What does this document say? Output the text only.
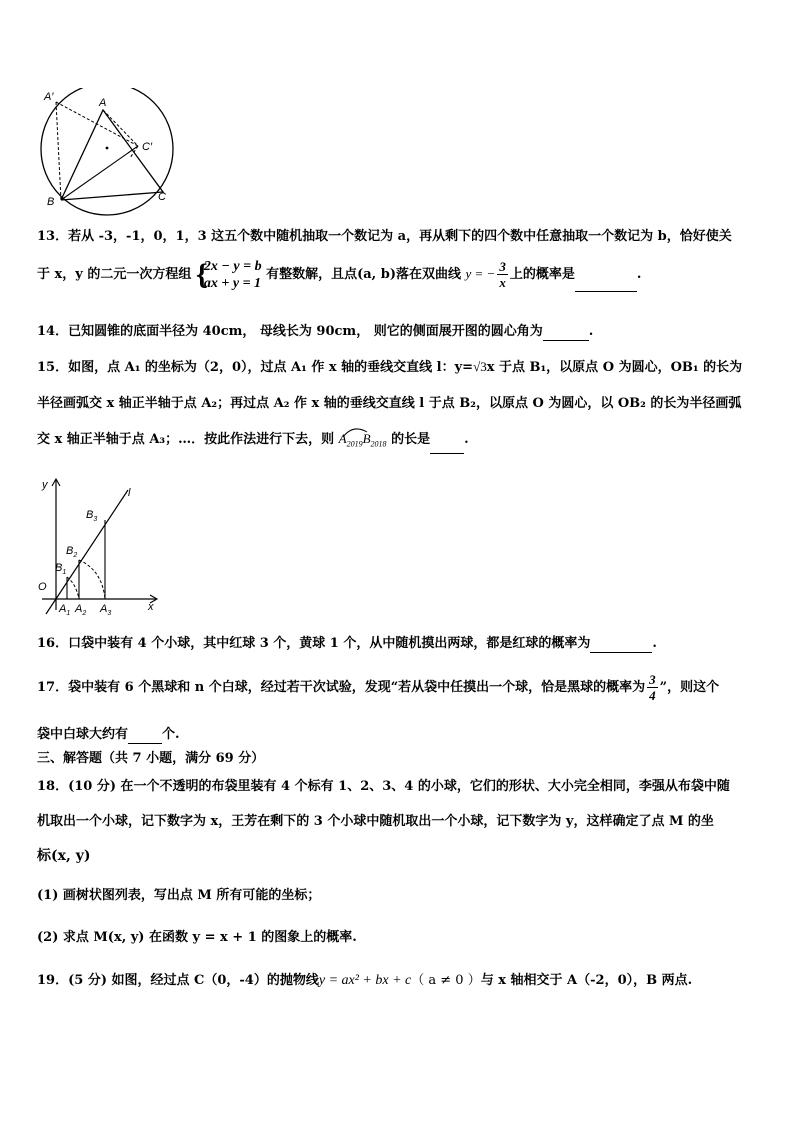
A′	A
C′
B	C
13．若从 -3，-1，0，1，3 这五个数中随机抽取一个数记为 a，再从剩下的四个数中任意抽取一个数记为 b，恰好使关
于 x，y 的二元一次方程组 {
2x − y = b
ax + y = 1
有整数解，且点(a, b)落在双曲线 y = − $\frac{3}{x}$ 上的概率是	.
14．已知圆锥的底面半径为 40cm， 母线长为 90cm， 则它的侧面展开图的圆心角为	.
15．如图，点 A₁ 的坐标为（2，0），过点 A₁ 作 x 轴的垂线交直线 l：y=√3x 于点 B₁，以原点 O 为圆心，OB₁ 的长为
半径画弧交 x 轴正半轴于点 A₂；再过点 A₂ 作 x 轴的垂线交直线 l 于点 B₂，以原点 O 为圆心，以 OB₂ 的长为半径画弧
交 x 轴正半轴于点 A₃；…．按此作法进行下去，则 $A_{2019}B_{2018}$ 的长是	.
y
l
x
O
$B_3$
$B_2$
$B_1$
$A_1$ $A_2$ $A_3$
16．口袋中装有 4 个小球，其中红球 3 个，黄球 1 个，从中随机摸出两球，都是红球的概率为	.
17．袋中装有 6 个黑球和 n 个白球，经过若干次试验，发现“若从袋中任摸出一个球，恰是黑球的概率为 $\frac{3}{4}$ ”，则这个
袋中白球大约有	个.
三、解答题（共 7 小题，满分 69 分）
18．(10 分) 在一个不透明的布袋里装有 4 个标有 1、2、3、4 的小球，它们的形状、大小完全相同，李强从布袋中随
机取出一个小球，记下数字为 x，王芳在剩下的 3 个小球中随机取出一个小球，记下数字为 y，这样确定了点 M 的坐
标(x, y)
(1) 画树状图列表，写出点 M 所有可能的坐标；
(2) 求点 M(x, y) 在函数 y = x + 1 的图象上的概率.
19．(5 分) 如图，经过点 C（0，-4）的抛物线y = ax² + bx + c（ a ≠ 0 ）与 x 轴相交于 A（-2，0），B 两点.
